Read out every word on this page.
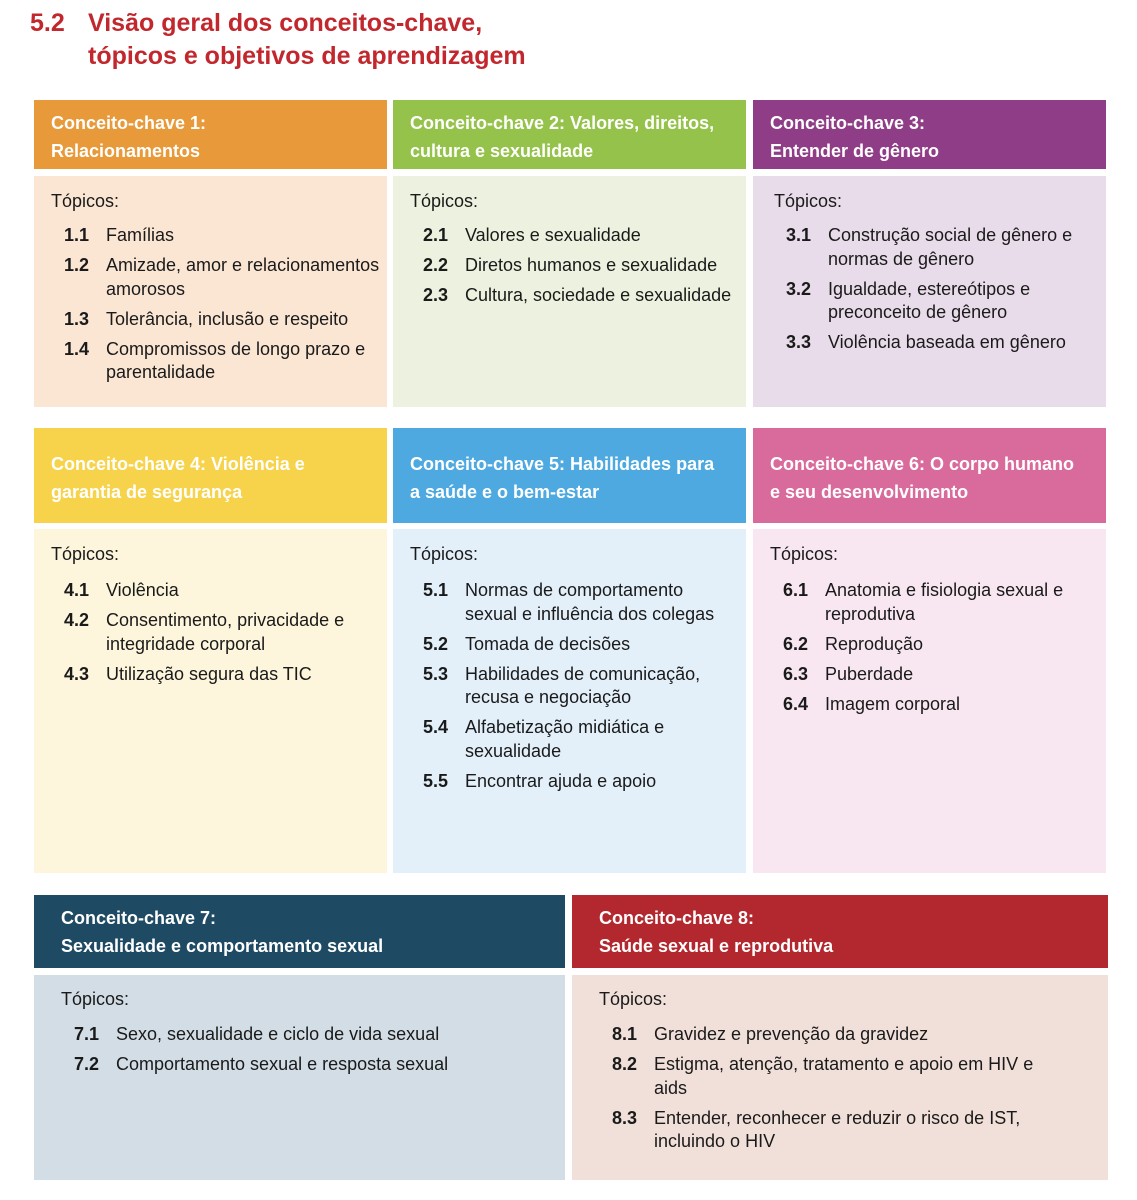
5.2 Visão geral dos conceitos-chave,
tópicos e objetivos de aprendizagem
Conceito-chave 1:
Relacionamentos
Tópicos:
1.1 Famílias
1.2 Amizade, amor e relacionamentos amorosos
1.3 Tolerância, inclusão e respeito
1.4 Compromissos de longo prazo e parentalidade
Conceito-chave 2: Valores, direitos,
cultura e sexualidade
Tópicos:
2.1 Valores e sexualidade
2.2 Diretos humanos e sexualidade
2.3 Cultura, sociedade e sexualidade
Conceito-chave 3:
Entender de gênero
Tópicos:
3.1 Construção social de gênero e normas de gênero
3.2 Igualdade, estereótipos e preconceito de gênero
3.3 Violência baseada em gênero
Conceito-chave 4: Violência e
garantia de segurança
Tópicos:
4.1 Violência
4.2 Consentimento, privacidade e integridade corporal
4.3 Utilização segura das TIC
Conceito-chave 5: Habilidades para
a saúde e o bem-estar
Tópicos:
5.1 Normas de comportamento sexual e influência dos colegas
5.2 Tomada de decisões
5.3 Habilidades de comunicação, recusa e negociação
5.4 Alfabetização midiática e sexualidade
5.5 Encontrar ajuda e apoio
Conceito-chave 6: O corpo humano
e seu desenvolvimento
Tópicos:
6.1 Anatomia e fisiologia sexual e reprodutiva
6.2 Reprodução
6.3 Puberdade
6.4 Imagem corporal
Conceito-chave 7:
Sexualidade e comportamento sexual
Tópicos:
7.1 Sexo, sexualidade e ciclo de vida sexual
7.2 Comportamento sexual e resposta sexual
Conceito-chave 8:
Saúde sexual e reprodutiva
Tópicos:
8.1 Gravidez e prevenção da gravidez
8.2 Estigma, atenção, tratamento e apoio em HIV e aids
8.3 Entender, reconhecer e reduzir o risco de IST, incluindo o HIV
